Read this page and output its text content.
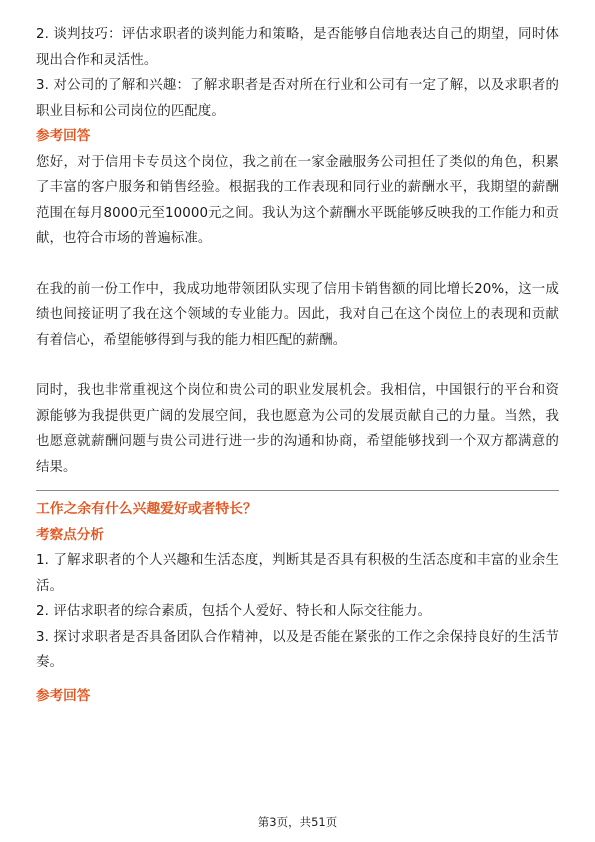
2. 谈判技巧：评估求职者的谈判能力和策略，是否能够自信地表达自己的期望，同时体现出合作和灵活性。

3. 对公司的了解和兴趣：了解求职者是否对所在行业和公司有一定了解，以及求职者的职业目标和公司岗位的匹配度。

参考回答

您好，对于信用卡专员这个岗位，我之前在一家金融服务公司担任了类似的角色，积累了丰富的客户服务和销售经验。根据我的工作表现和同行业的薪酬水平，我期望的薪酬范围在每月8000元至10000元之间。我认为这个薪酬水平既能够反映我的工作能力和贡献，也符合市场的普遍标准。

在我的前一份工作中，我成功地带领团队实现了信用卡销售额的同比增长20%，这一成绩也间接证明了我在这个领域的专业能力。因此，我对自己在这个岗位上的表现和贡献有着信心，希望能够得到与我的能力相匹配的薪酬。

同时，我也非常重视这个岗位和贵公司的职业发展机会。我相信，中国银行的平台和资源能够为我提供更广阔的发展空间，我也愿意为公司的发展贡献自己的力量。当然，我也愿意就薪酬问题与贵公司进行进一步的沟通和协商，希望能够找到一个双方都满意的结果。

工作之余有什么兴趣爱好或者特长？

考察点分析

1. 了解求职者的个人兴趣和生活态度，判断其是否具有积极的生活态度和丰富的业余生活。

2. 评估求职者的综合素质，包括个人爱好、特长和人际交往能力。

3. 探讨求职者是否具备团队合作精神，以及是否能在紧张的工作之余保持良好的生活节奏。

参考回答

第3页，共51页
